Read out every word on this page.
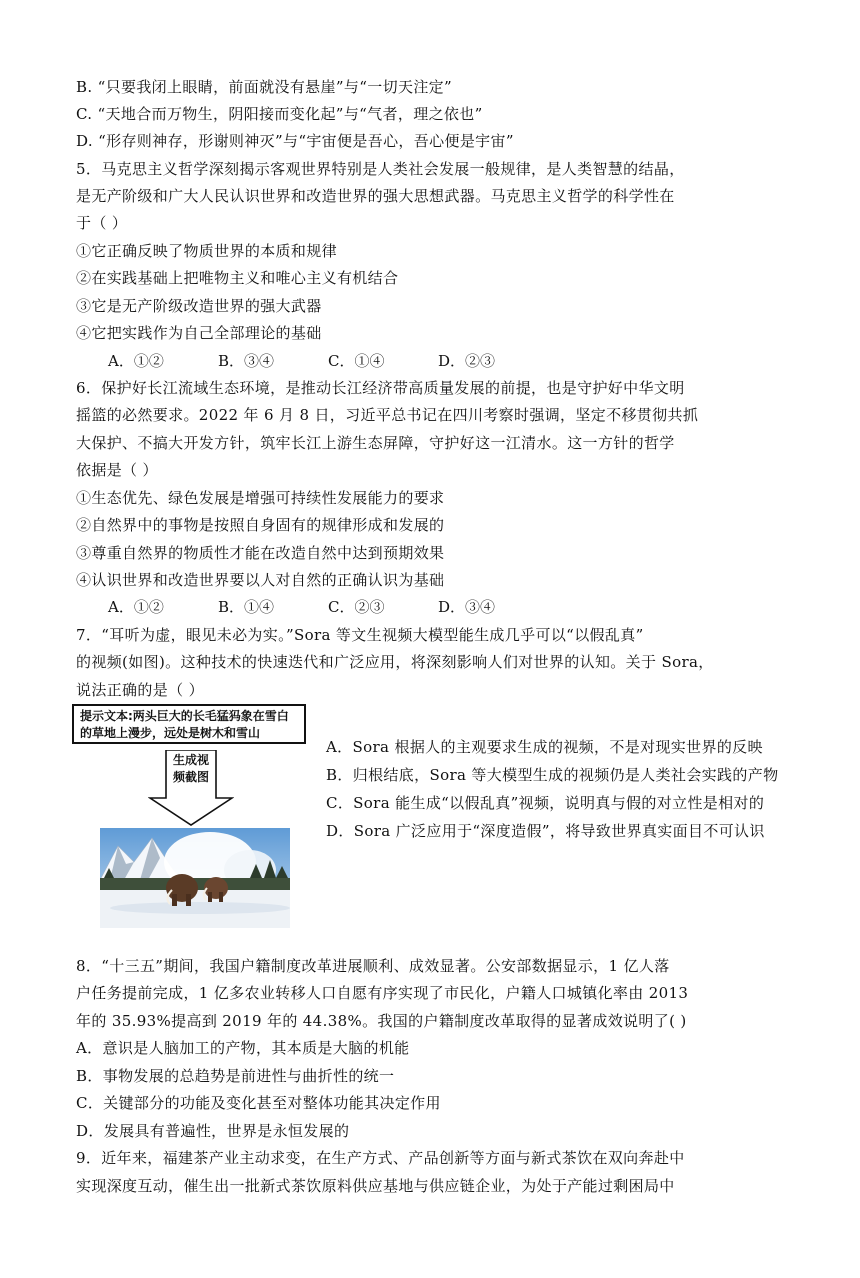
B. “只要我闭上眼睛，前面就没有悬崖”与“一切天注定”
C. “天地合而万物生，阴阳接而变化起”与“气者，理之依也”
D. “形存则神存，形谢则神灭”与“宇宙便是吾心，吾心便是宇宙”
5．马克思主义哲学深刻揭示客观世界特别是人类社会发展一般规律，是人类智慧的结晶，
是无产阶级和广大人民认识世界和改造世界的强大思想武器。马克思主义哲学的科学性在
于（ ）
①它正确反映了物质世界的本质和规律
②在实践基础上把唯物主义和唯心主义有机结合
③它是无产阶级改造世界的强大武器
④它把实践作为自己全部理论的基础
A．①②	B．③④	C．①④	D．②③
6．保护好长江流域生态环境，是推动长江经济带高质量发展的前提，也是守护好中华文明
摇篮的必然要求。2022 年 6 月 8 日，习近平总书记在四川考察时强调，坚定不移贯彻共抓
大保护、不搞大开发方针，筑牢长江上游生态屏障，守护好这一江清水。这一方针的哲学
依据是（ ）
①生态优先、绿色发展是增强可持续性发展能力的要求
②自然界中的事物是按照自身固有的规律形成和发展的
③尊重自然界的物质性才能在改造自然中达到预期效果
④认识世界和改造世界要以人对自然的正确认识为基础
A．①②	B．①④	C．②③	D．③④
7．“耳听为虚，眼见未必为实。”Sora 等文生视频大模型能生成几乎可以“以假乱真”
的视频(如图)。这种技术的快速迭代和广泛应用，将深刻影响人们对世界的认知。关于 Sora，
说法正确的是（ ）
提示文本:两头巨大的长毛猛犸象在雪白的草地上漫步，远处是树木和雪山
生成视频截图
A．Sora 根据人的主观要求生成的视频，不是对现实世界的反映
B．归根结底，Sora 等大模型生成的视频仍是人类社会实践的产物
C．Sora 能生成“以假乱真”视频，说明真与假的对立性是相对的
D．Sora 广泛应用于“深度造假”，将导致世界真实面目不可认识
8．“十三五”期间，我国户籍制度改革进展顺利、成效显著。公安部数据显示，1 亿人落
户任务提前完成，1 亿多农业转移人口自愿有序实现了市民化，户籍人口城镇化率由 2013
年的 35.93%提高到 2019 年的 44.38%。我国的户籍制度改革取得的显著成效说明了( )
A．意识是人脑加工的产物，其本质是大脑的机能
B．事物发展的总趋势是前进性与曲折性的统一
C．关键部分的功能及变化甚至对整体功能其决定作用
D．发展具有普遍性，世界是永恒发展的
9．近年来，福建茶产业主动求变，在生产方式、产品创新等方面与新式茶饮在双向奔赴中
实现深度互动，催生出一批新式茶饮原料供应基地与供应链企业，为处于产能过剩困局中
